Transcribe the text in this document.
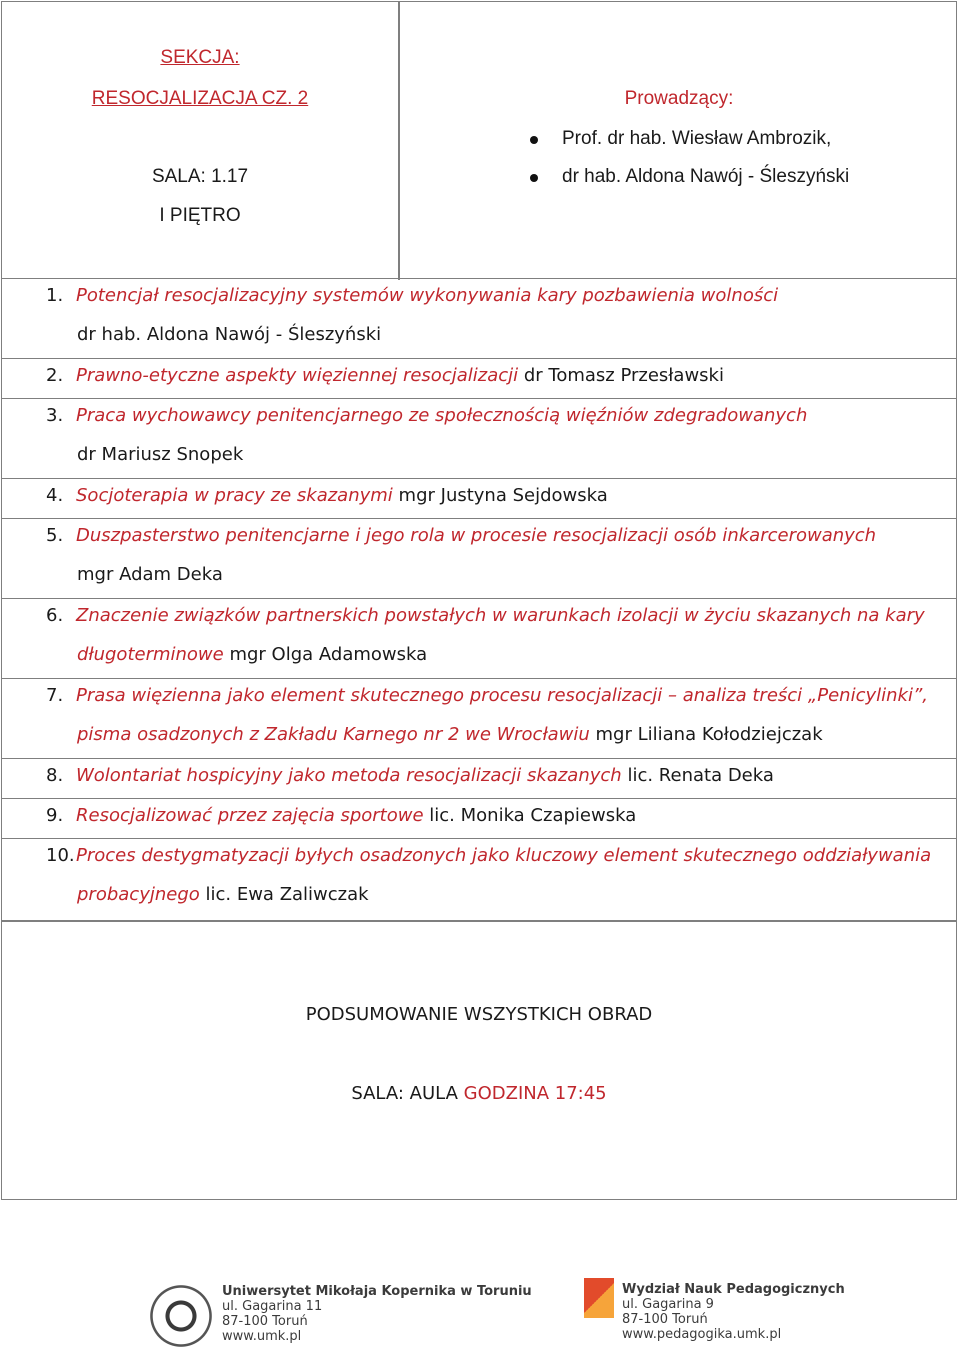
SEKCJA:
RESOCJALIZACJA CZ. 2
SALA: 1.17
I PIĘTRO
Prowadzący:
Prof. dr hab. Wiesław Ambrozik,
dr hab. Aldona Nawój - Śleszyński
1. Potencjał resocjalizacyjny systemów wykonywania kary pozbawienia wolności
dr hab. Aldona Nawój - Śleszyński
2. Prawno-etyczne aspekty więziennej resocjalizacji dr Tomasz Przesławski
3. Praca wychowawcy penitencjarnego ze społecznością więźniów zdegradowanych
dr Mariusz Snopek
4. Socjoterapia w pracy ze skazanymi mgr Justyna Sejdowska
5. Duszpasterstwo penitencjarne i jego rola w procesie resocjalizacji osób inkarcerowanych
mgr Adam Deka
6. Znaczenie związków partnerskich powstałych w warunkach izolacji w życiu skazanych na kary
długoterminowe mgr Olga Adamowska
7. Prasa więzienna jako element skutecznego procesu resocjalizacji – analiza treści „Penicylinki”,
pisma osadzonych z Zakładu Karnego nr 2 we Wrocławiu mgr Liliana Kołodziejczak
8. Wolontariat hospicyjny jako metoda resocjalizacji skazanych lic. Renata Deka
9. Resocjalizować przez zajęcia sportowe lic. Monika Czapiewska
10.Proces destygmatyzacji byłych osadzonych jako kluczowy element skutecznego oddziaływania
probacyjnego lic. Ewa Zaliwczak
PODSUMOWANIE WSZYSTKICH OBRAD
SALA: AULA GODZINA 17:45
Uniwersytet Mikołaja Kopernika w Toruniu
ul. Gagarina 11
87-100 Toruń
www.umk.pl
Wydział Nauk Pedagogicznych
ul. Gagarina 9
87-100 Toruń
www.pedagogika.umk.pl
